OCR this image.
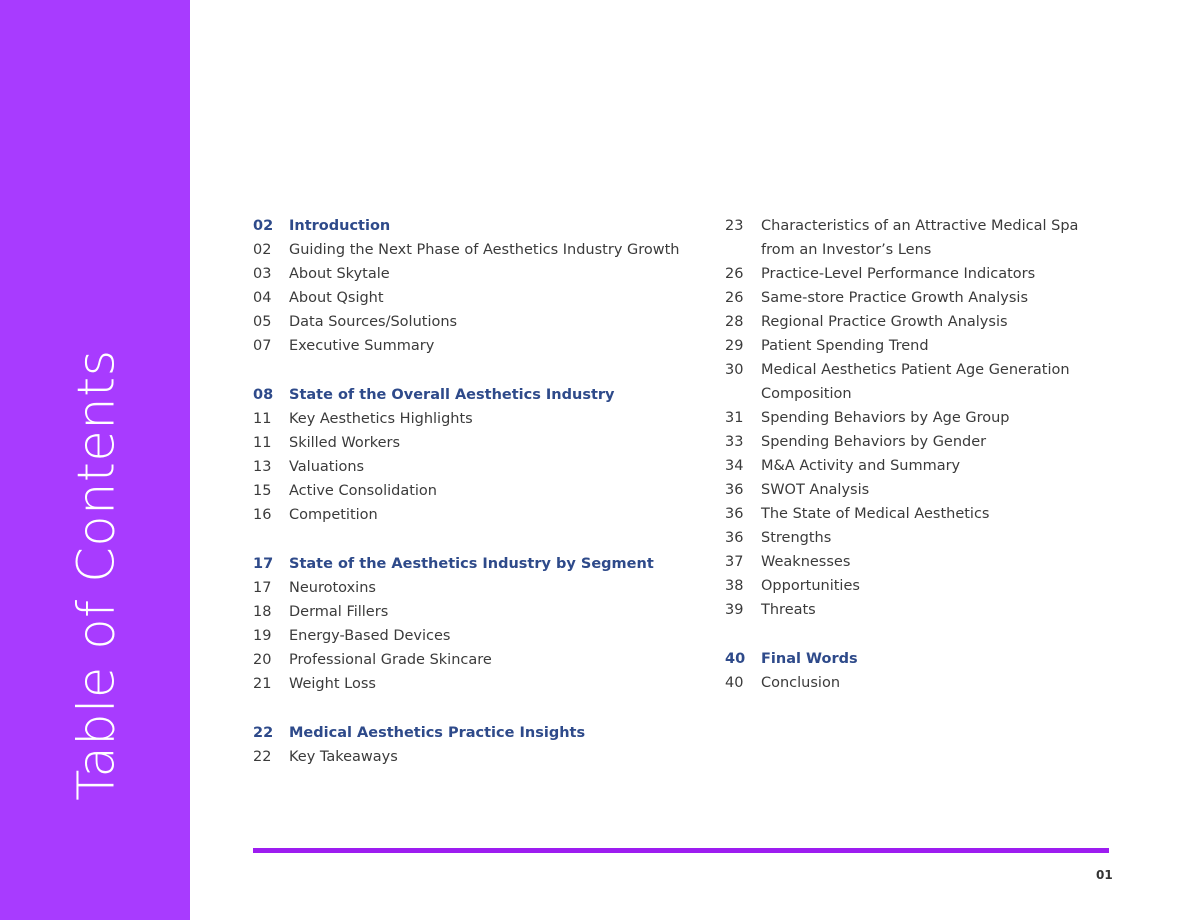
Table of Contents
02	Introduction
02	Guiding the Next Phase of Aesthetics Industry Growth
03	About Skytale
04	About Qsight
05	Data Sources/Solutions
07	Executive Summary
08	State of the Overall Aesthetics Industry
11	Key Aesthetics Highlights
11	Skilled Workers
13	Valuations
15	Active Consolidation
16	Competition
17	State of the Aesthetics Industry by Segment
17	Neurotoxins
18	Dermal Fillers
19	Energy-Based Devices
20	Professional Grade Skincare
21	Weight Loss
22	Medical Aesthetics Practice Insights
22	Key Takeaways
23	Characteristics of an Attractive Medical Spa from an Investor’s Lens
26	Practice-Level Performance Indicators
26	Same-store Practice Growth Analysis
28	Regional Practice Growth Analysis
29	Patient Spending Trend
30	Medical Aesthetics Patient Age Generation Composition
31	Spending Behaviors by Age Group
33	Spending Behaviors by Gender
34	M&A Activity and Summary
36	SWOT Analysis
36	The State of Medical Aesthetics
36	Strengths
37	Weaknesses
38	Opportunities
39	Threats
40	Final Words
40	Conclusion
01
